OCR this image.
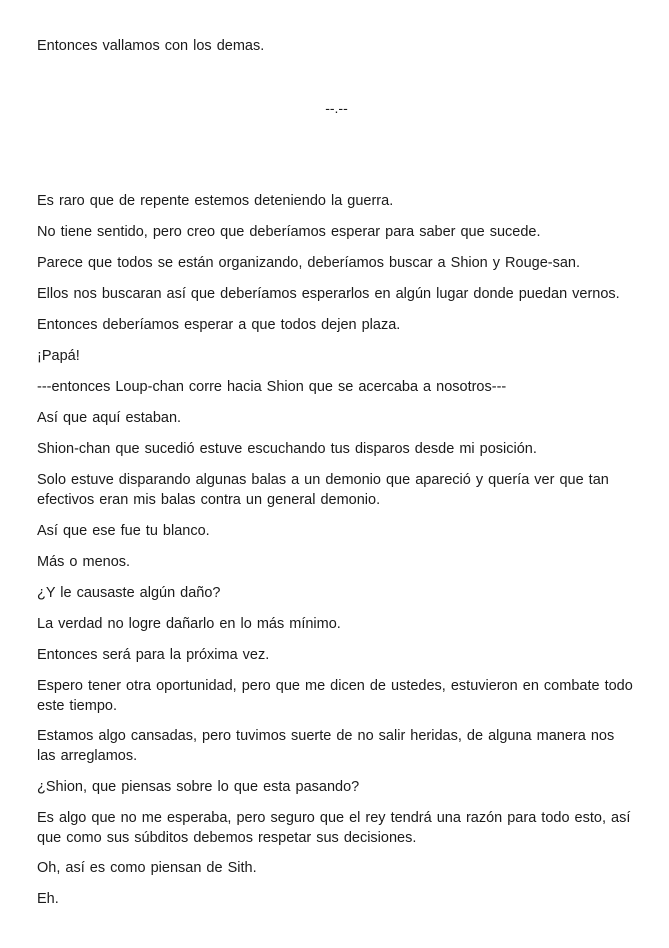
Entonces vallamos con los demas.

--.--

Es raro que de repente estemos deteniendo la guerra.

No tiene sentido, pero creo que deberíamos esperar para saber que sucede.

Parece que todos se están organizando, deberíamos buscar a Shion y Rouge-san.

Ellos nos buscaran así que deberíamos esperarlos en algún lugar donde puedan vernos.

Entonces deberíamos esperar a que todos dejen plaza.

¡Papá!

---entonces Loup-chan corre hacia Shion que se acercaba a nosotros---

Así que aquí estaban.

Shion-chan que sucedió estuve escuchando tus disparos desde mi posición.

Solo estuve disparando algunas balas a un demonio que apareció y quería ver que tan efectivos eran mis balas contra un general demonio.

Así que ese fue tu blanco.

Más o menos.

¿Y le causaste algún daño?

La verdad no logre dañarlo en lo más mínimo.

Entonces será para la próxima vez.

Espero tener otra oportunidad, pero que me dicen de ustedes, estuvieron en combate todo este tiempo.

Estamos algo cansadas, pero tuvimos suerte de no salir heridas, de alguna manera nos las arreglamos.

¿Shion, que piensas sobre lo que esta pasando?

Es algo que no me esperaba, pero seguro que el rey tendrá una razón para todo esto, así que como sus súbditos debemos respetar sus decisiones.

Oh, así es como piensan de Sith.

Eh.
